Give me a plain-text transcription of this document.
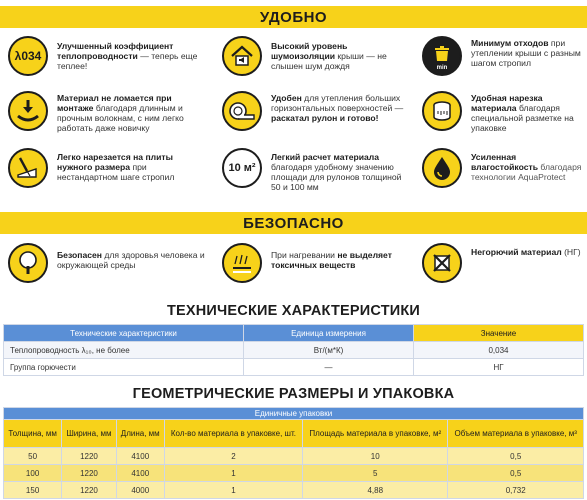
УДОБНО
λ034
Улучшенный коэффициент теплопроводности — теперь еще теплее!
Высокий уровень шумоизоляции крыши — не слышен шум дождя	min
Минимум отходов при утеплении крыши с разным шагом стропил
Материал не ломается при монтаже благодаря длинным и прочным волокнам, с ним легко работать даже новичку
Удобен для утепления больших горизонтальных поверхностей — раскатал рулон и готово!
Удобная нарезка материала благодаря специальной разметке на упаковке
Легко нарезается на плиты нужного размера при нестандартном шаге стропил
10 м²
Легкий расчет материала благодаря удобному значению площади для рулонов толщиной 50 и 100 мм
Усиленная влагостойкость благодаря технологии AquaProtect
БЕЗОПАСНО
Безопасен для здоровья человека и окружающей среды
При нагревании не выделяет токсичных веществ
Негорючий материал (НГ)
ТЕХНИЧЕСКИЕ ХАРАКТЕРИСТИКИ
Технические характеристики	Единица измерения	Значение
Теплопроводность λ₁₀, не более	Вт/(м*К)	0,034
Группа горючести	—	НГ
ГЕОМЕТРИЧЕСКИЕ РАЗМЕРЫ И УПАКОВКА
Единичные упаковки					
Толщина, мм	Ширина, мм	Длина, мм	Кол-во материала в упаковке, шт.	Площадь материала в упаковке, м²	Объем материала в упаковке, м³
50	1220	4100	2	10	0,5
100	1220	4100	1	5	0,5
150	1220	4000	1	4,88	0,732
